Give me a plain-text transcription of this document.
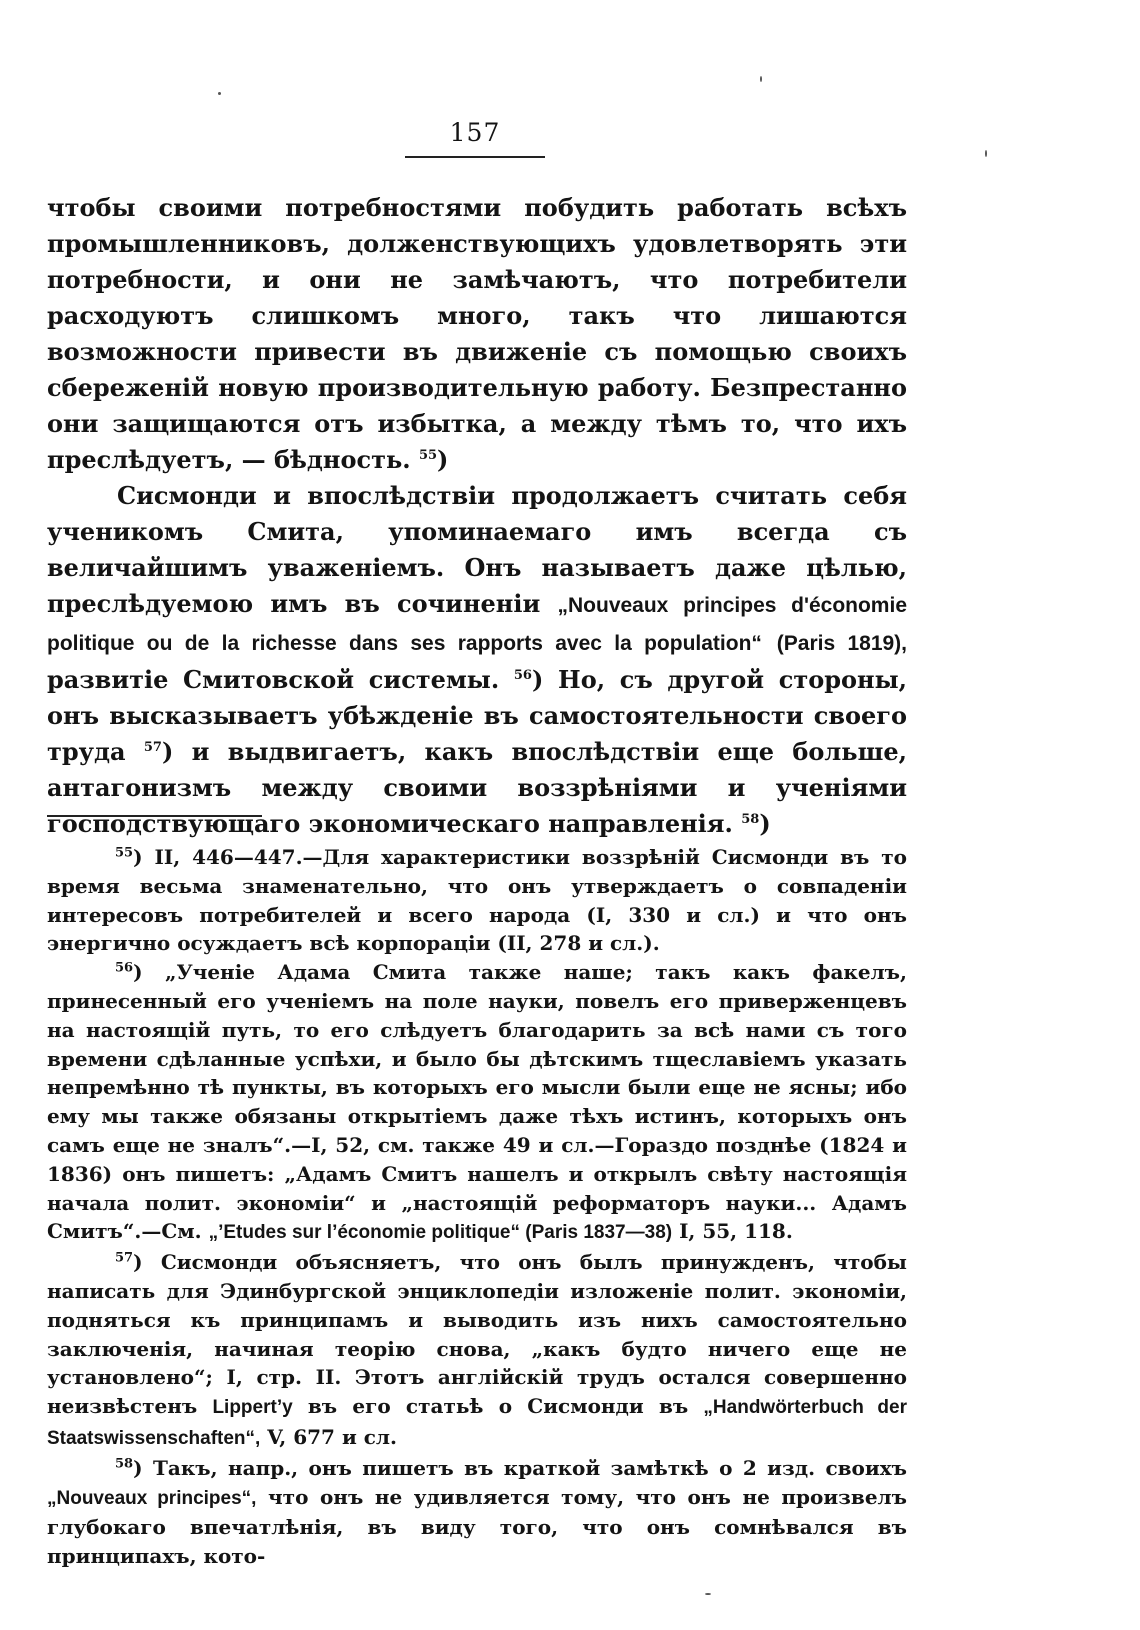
157

чтобы своими потребностями побудить работать всѣхъ промышленниковъ, долженствующихъ удовлетворять эти потребности, и они не замѣчаютъ, что потребители расходуютъ слишкомъ много, такъ что лишаются возможности привести въ движеніе съ помощью своихъ сбереженій новую производительную работу. Безпрестанно они защищаются отъ избытка, а между тѣмъ то, что ихъ преслѣдуетъ, — бѣдность. $^{55}$)

Сисмонди и впослѣдствіи продолжаетъ считать себя ученикомъ Смита, упоминаемаго имъ всегда съ величайшимъ уваженіемъ. Онъ называетъ даже цѣлью, преслѣдуемою имъ въ сочиненіи „Nouveaux principes d'économie politique ou de la richesse dans ses rapports avec la population“ (Paris 1819), развитіе Смитовской системы. $^{56}$) Но, съ другой стороны, онъ высказываетъ убѣжденіе въ самостоятельности своего труда $^{57}$) и выдвигаетъ, какъ впослѣдствіи еще больше, антагонизмъ между своими воззрѣніями и ученіями господствующаго экономическаго направленія. $^{58}$)

$^{55}$) II, 446—447.—Для характеристики воззрѣній Сисмонди въ то время весьма знаменательно, что онъ утверждаетъ о совпаденіи интересовъ потребителей и всего народа (I, 330 и сл.) и что онъ энергично осуждаетъ всѣ корпораціи (II, 278 и сл.).

$^{56}$) „Ученіе Адама Смита также наше; такъ какъ факелъ, принесенный его ученіемъ на поле науки, повелъ его приверженцевъ на настоящій путь, то его слѣдуетъ благодарить за всѣ нами съ того времени сдѣланные успѣхи, и было бы дѣтскимъ тщеславіемъ указать непремѣнно тѣ пункты, въ которыхъ его мысли были еще не ясны; ибо ему мы также обязаны открытіемъ даже тѣхъ истинъ, которыхъ онъ самъ еще не зналъ“.—I, 52, см. также 49 и сл.—Гораздо позднѣе (1824 и 1836) онъ пишетъ: „Адамъ Смитъ нашелъ и открылъ свѣту настоящія начала полит. экономіи“ и „настоящій реформаторъ науки... Адамъ Смитъ“.—См. „’Etudes sur l’économie politique“ (Paris 1837—38) I, 55, 118.

$^{57}$) Сисмонди объясняетъ, что онъ былъ принужденъ, чтобы написать для Эдинбургской энциклопедіи изложеніе полит. экономіи, подняться къ принципамъ и выводить изъ нихъ самостоятельно заключенія, начиная теорію снова, „какъ будто ничего еще не установлено“; I, стр. II. Этотъ англійскій трудъ остался совершенно неизвѣстенъ Lippert’y въ его статьѣ о Сисмонди въ „Handwörterbuch der Staatswissenschaften“, V, 677 и сл.

$^{58}$) Такъ, напр., онъ пишетъ въ краткой замѣткѣ о 2 изд. своихъ „Nouveaux principes“, что онъ не удивляется тому, что онъ не произвелъ глубокаго впечатлѣнія, въ виду того, что онъ сомнѣвался въ принципахъ, кото-
